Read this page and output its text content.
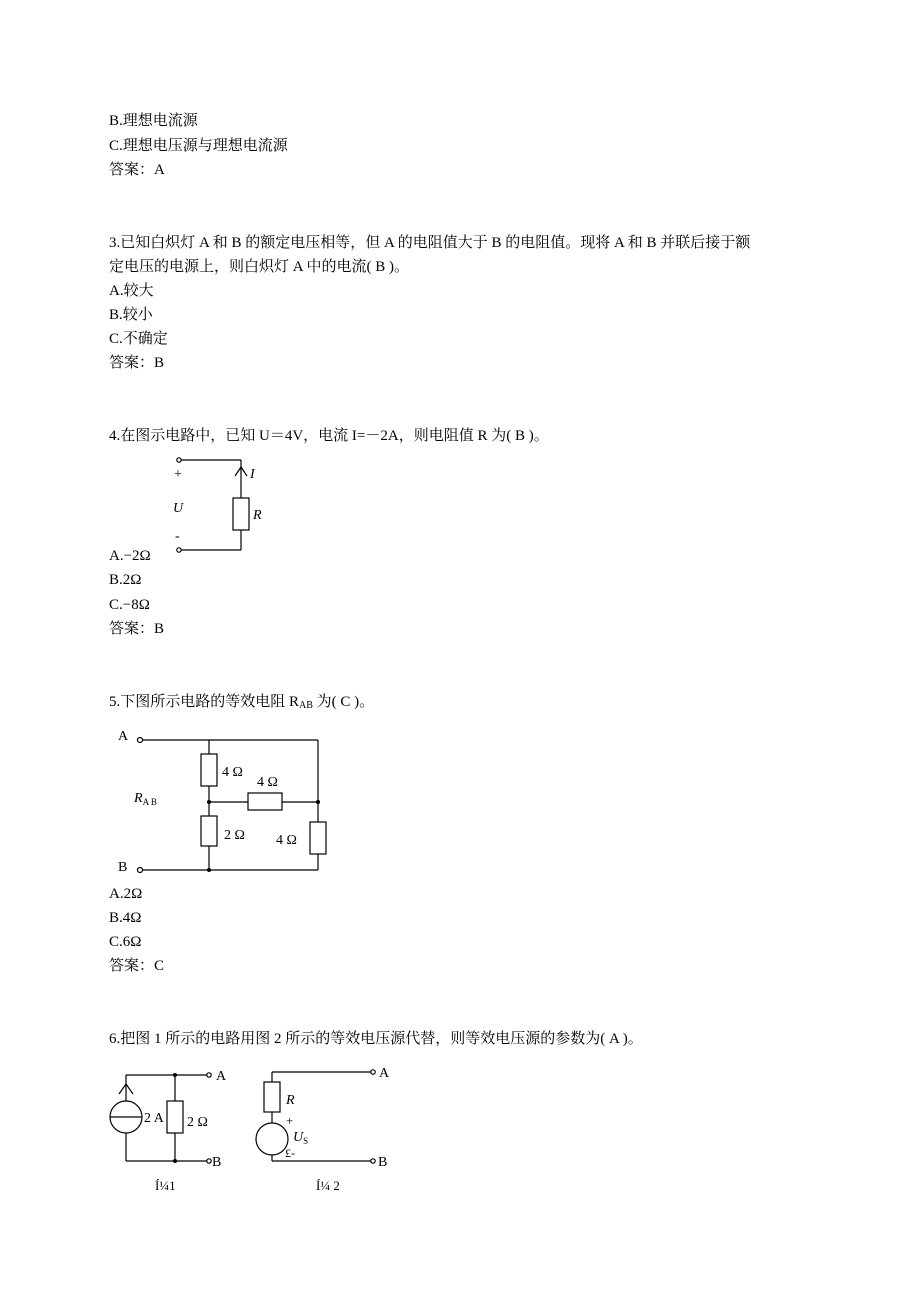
B.理想电流源
C.理想电压源与理想电流源
答案：A
3.已知白炽灯 A 和 B 的额定电压相等，但 A 的电阻值大于 B 的电阻值。现将 A 和 B 并联后接于额
定电压的电源上，则白炽灯 A 中的电流( B )。
A.较大
B.较小
C.不确定
答案：B
4.在图示电路中，已知 U＝4V，电流 I=－2A，则电阻值 R 为( B )。
+
U
-
I
R
A.−2Ω
B.2Ω
C.−8Ω
答案：B
5.下图所示电路的等效电阻 $R_{AB}$ 为( C )。
A
B
$R_{A B}$
4 Ω
4 Ω
2 Ω 4 Ω
A.2Ω
B.4Ω
C.6Ω
答案：C
6.把图 1 所示的电路用图 2 所示的等效电压源代替，则等效电压源的参数为( A )。
A
B
2 A 2 Ω
Í¼1
A
B
R
+
$U_S$
£-
Í¼ 2
